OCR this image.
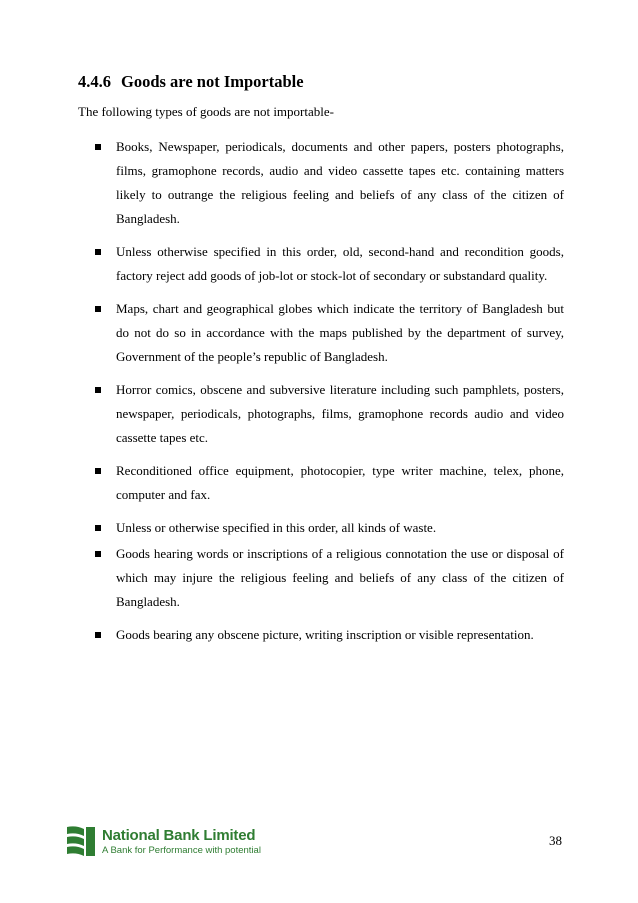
4.4.6 Goods are not Importable
The following types of goods are not importable-
Books, Newspaper, periodicals, documents and other papers, posters photographs, films, gramophone records, audio and video cassette tapes etc. containing matters likely to outrange the religious feeling and beliefs of any class of the citizen of Bangladesh.
Unless otherwise specified in this order, old, second-hand and recondition goods, factory reject add goods of job-lot or stock-lot of secondary or substandard quality.
Maps, chart and geographical globes which indicate the territory of Bangladesh but do not do so in accordance with the maps published by the department of survey, Government of the people’s republic of Bangladesh.
Horror comics, obscene and subversive literature including such pamphlets, posters, newspaper, periodicals, photographs, films, gramophone records audio and video cassette tapes etc.
Reconditioned office equipment, photocopier, type writer machine, telex, phone, computer and fax.
Unless or otherwise specified in this order, all kinds of waste.
Goods hearing words or inscriptions of a religious connotation the use or disposal of which may injure the religious feeling and beliefs of any class of the citizen of Bangladesh.
Goods bearing any obscene picture, writing inscription or visible representation.
National Bank Limited
A Bank for Performance with potential
38
